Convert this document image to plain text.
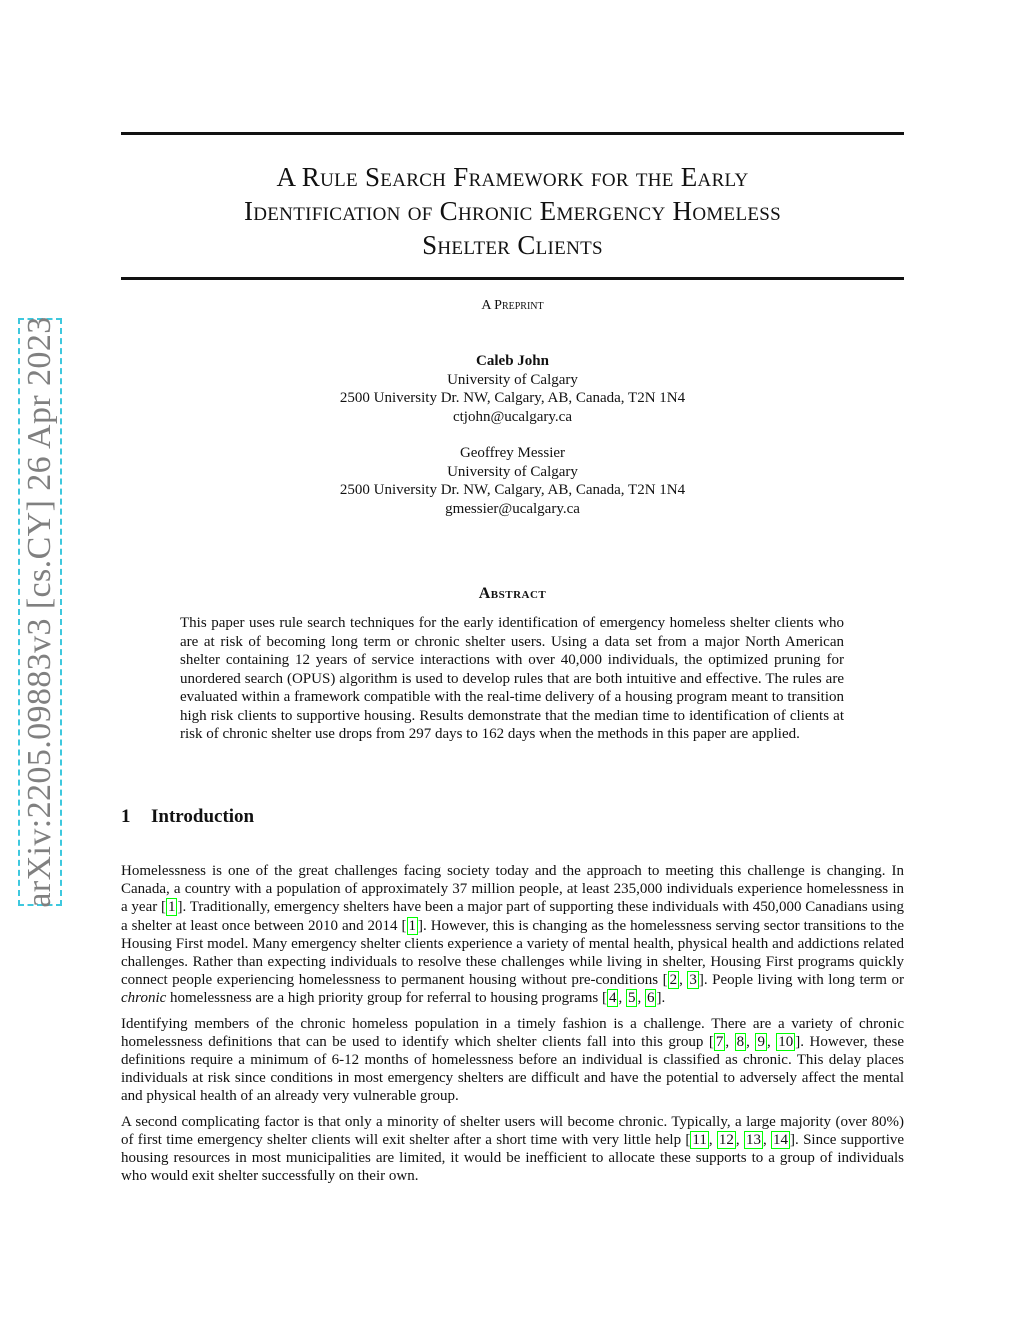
arXiv:2205.09883v3 [cs.CY] 26 Apr 2023
A Rule Search Framework for the Early
Identification of Chronic Emergency Homeless
Shelter Clients
A Preprint
Caleb John
University of Calgary
2500 University Dr. NW, Calgary, AB, Canada, T2N 1N4
ctjohn@ucalgary.ca
Geoffrey Messier
University of Calgary
2500 University Dr. NW, Calgary, AB, Canada, T2N 1N4
gmessier@ucalgary.ca
Abstract
This paper uses rule search techniques for the early identification of emergency homeless shelter clients who are at risk of becoming long term or chronic shelter users. Using a data set from a major North American shelter containing 12 years of service interactions with over 40,000 individuals, the optimized pruning for unordered search (OPUS) algorithm is used to develop rules that are both intuitive and effective. The rules are evaluated within a framework compatible with the real-time delivery of a housing program meant to transition high risk clients to supportive housing. Results demonstrate that the median time to identification of clients at risk of chronic shelter use drops from 297 days to 162 days when the methods in this paper are applied.
1 Introduction

Homelessness is one of the great challenges facing society today and the approach to meeting this challenge is changing. In Canada, a country with a population of approximately 37 million people, at least 235,000 individuals experience homelessness in a year [ 1 ]. Traditionally, emergency shelters have been a major part of supporting these individuals with 450,000 Canadians using a shelter at least once between 2010 and 2014 [ 1 ]. However, this is changing as the homelessness serving sector transitions to the Housing First model. Many emergency shelter clients experience a variety of mental health, physical health and addictions related challenges. Rather than expecting individuals to resolve these challenges while living in shelter, Housing First programs quickly connect people experiencing homelessness to permanent housing without pre-conditions [ 2 , 3 ]. People living with long term or chronic homelessness are a high priority group for referral to housing programs [ 4 , 5 , 6 ].

Identifying members of the chronic homeless population in a timely fashion is a challenge. There are a variety of chronic homelessness definitions that can be used to identify which shelter clients fall into this group [ 7 , 8 , 9 , 10 ]. However, these definitions require a minimum of 6-12 months of homelessness before an individual is classified as chronic. This delay places individuals at risk since conditions in most emergency shelters are difficult and have the potential to adversely affect the mental and physical health of an already very vulnerable group.

A second complicating factor is that only a minority of shelter users will become chronic. Typically, a large majority (over 80%) of first time emergency shelter clients will exit shelter after a short time with very little help [ 11 , 12 , 13 , 14 ]. Since supportive housing resources in most municipalities are limited, it would be inefficient to allocate these supports to a group of individuals who would exit shelter successfully on their own.
